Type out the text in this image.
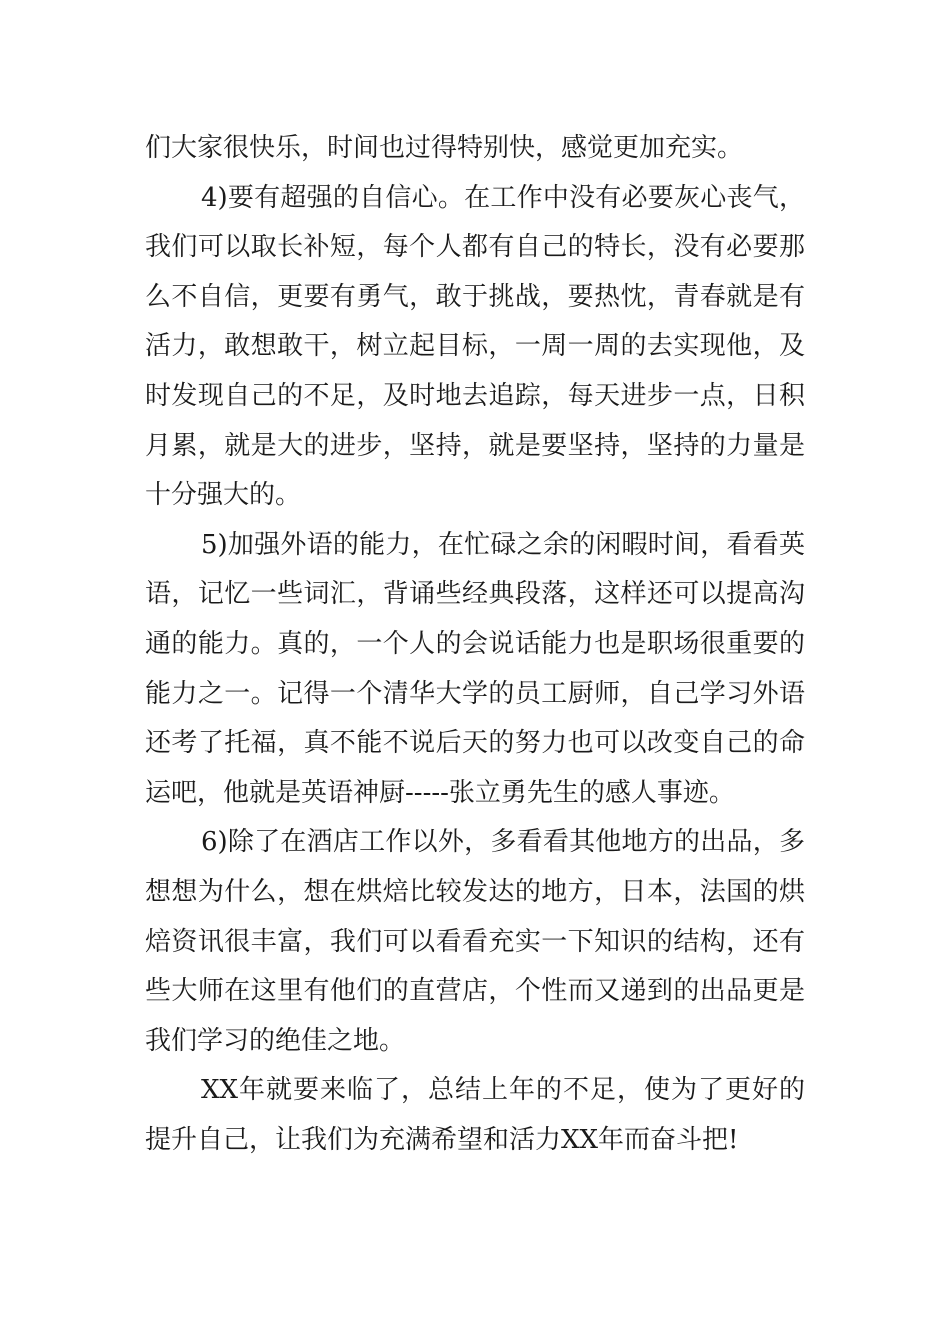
们大家很快乐，时间也过得特别快，感觉更加充实。

4)要有超强的自信心。在工作中没有必要灰心丧气，我们可以取长补短，每个人都有自己的特长，没有必要那么不自信，更要有勇气，敢于挑战，要热忱，青春就是有活力，敢想敢干，树立起目标，一周一周的去实现他，及时发现自己的不足，及时地去追踪，每天进步一点，日积月累，就是大的进步，坚持，就是要坚持，坚持的力量是十分强大的。

5)加强外语的能力，在忙碌之余的闲暇时间，看看英语，记忆一些词汇，背诵些经典段落，这样还可以提高沟通的能力。真的，一个人的会说话能力也是职场很重要的能力之一。记得一个清华大学的员工厨师，自己学习外语还考了托福，真不能不说后天的努力也可以改变自己的命运吧，他就是英语神厨-----张立勇先生的感人事迹。

6)除了在酒店工作以外，多看看其他地方的出品，多想想为什么，想在烘焙比较发达的地方，日本，法国的烘焙资讯很丰富，我们可以看看充实一下知识的结构，还有些大师在这里有他们的直营店，个性而又递到的出品更是我们学习的绝佳之地。

XX年就要来临了，总结上年的不足，使为了更好的提升自己，让我们为充满希望和活力XX年而奋斗把!
